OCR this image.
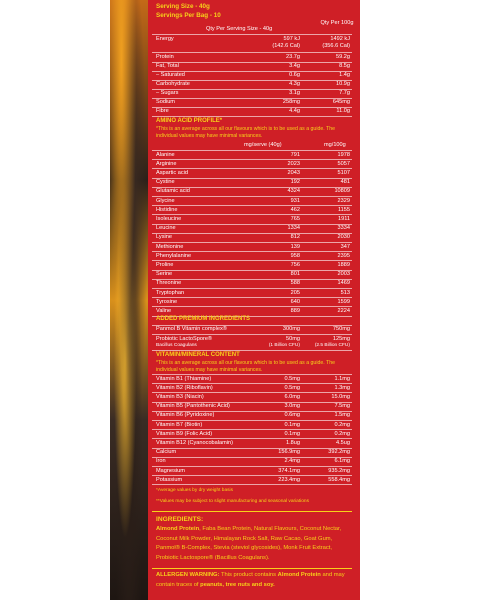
Serving Size - 40g
Servings Per Bag - 10
Qty Per Serving Size - 40g
Qty Per 100g
Energy	597 kJ	1492 kJ
(142.6 Cal)	(356.6 Cal)
Protein	23.7g	59.2g
Fat, Total	3.4g	8.5g
– Saturated	0.6g	1.4g
Carbohydrate	4.3g	10.9g
– Sugars	3.1g	7.7g
Sodium	258mg	645mg
Fibre	4.4g	11.0g
AMINO ACID PROFILE*
*This is an average across all our flavours which is to be used as a guide. The individual values may have minimal variances.
mg/serve (40g)	mg/100g
Alanine	791	1978
Arginine	2023	5057
Aspartic acid	2043	5107
Cystine	192	481
Glutamic acid	4324	10809
Glycine	931	2329
Histidine	462	1155
Isoleucine	765	1911
Leucine	1334	3334
Lysine	812	2030
Methionine	139	347
Phenylalanine	958	2395
Proline	756	1889
Serine	801	2003
Threonine	588	1469
Tryptophan	205	513
Tyrosine	640	1599
Valine	889	2224
ADDED PREMIUM INGREDIENTS
Panmol B Vitamin complex®	300mg	750mg
Probiotic LactoSpore®	50mg	125mg
Bacillus Coagulans	(1 Billion CFU)	(2.5 Billion CFU)
VITAMIN/MINERAL CONTENT
*This is an average across all our flavours which is to be used as a guide. The individual values may have minimal variances.
Vitamin B1 (Thiamine)	0.5mg	1.1mg
Vitamin B2 (Riboflavin)	0.5mg	1.3mg
Vitamin B3 (Niacin)	6.0mg	15.0mg
Vitamin B5 (Pantothenic Acid)	3.0mg	7.5mg
Vitamin B6 (Pyridoxine)	0.6mg	1.5mg
Vitamin B7 (Biotin)	0.1mg	0.2mg
Vitamin B9 (Folic Acid)	0.1mg	0.2mg
Vitamin B12 (Cyanocobalamin)	1.8ug	4.5ug
Calcium	156.9mg	392.2mg
Iron	2.4mg	6.1mg
Magnesium	374.1mg	935.2mg
Potassium	223.4mg	558.4mg
*Average values by dry weight basis
**Values may be subject to slight manufacturing and seasonal variations
INGREDIENTS:
Almond Protein, Faba Bean Protein, Natural Flavours, Coconut Nectar, Coconut Milk Powder, Himalayan Rock Salt, Raw Cacao, Goat Gum, Panmol® B-Complex, Stevia (steviol glycosides), Monk Fruit Extract, Probiotic Lactospore® (Bacillus Coagulans).
ALLERGEN WARNING: This product contains Almond Protein and may contain traces of peanuts, tree nuts and soy.
